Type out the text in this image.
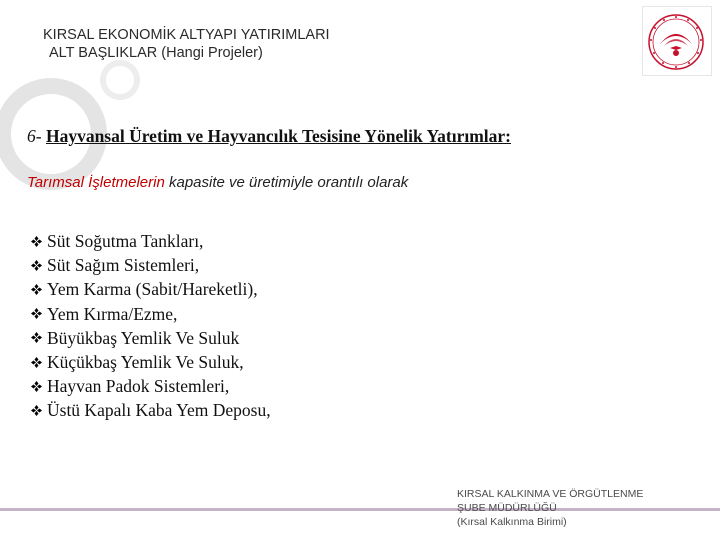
KIRSAL EKONOMİK ALTYAPI YATIRIMLARI
ALT BAŞLIKLAR (Hangi Projeler)
6- Hayvansal Üretim ve Hayvancılık Tesisine Yönelik Yatırımlar:
Tarımsal İşletmelerin kapasite ve üretimiyle orantılı olarak
Süt Soğutma Tankları,
Süt Sağım Sistemleri,
Yem Karma (Sabit/Hareketli),
Yem Kırma/Ezme,
Büyükbaş Yemlik Ve Suluk
Küçükbaş Yemlik Ve Suluk,
Hayvan Padok Sistemleri,
Üstü Kapalı Kaba Yem Deposu,
KIRSAL KALKINMA VE ÖRGÜTLENME
ŞUBE MÜDÜRLÜĞÜ
(Kırsal Kalkınma Birimi)
